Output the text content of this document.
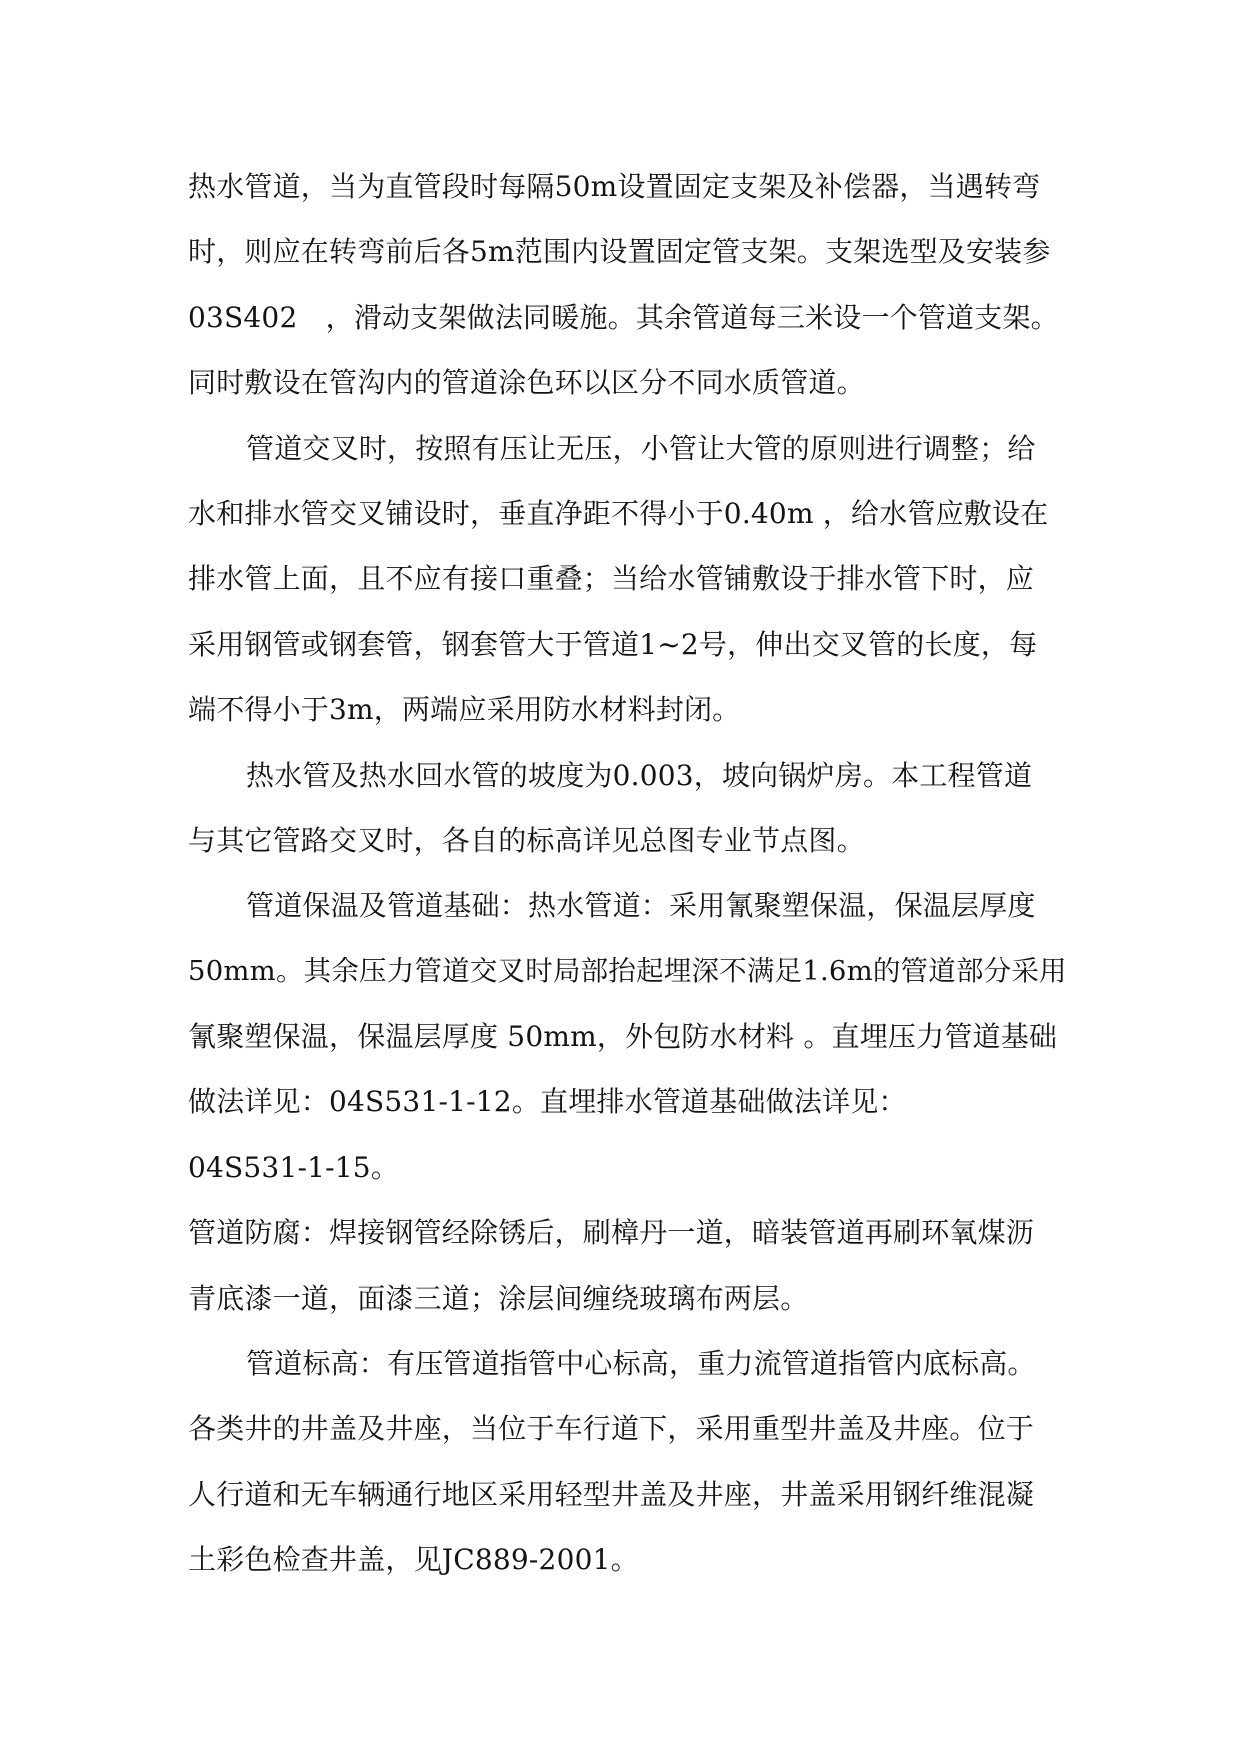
热水管道，当为直管段时每隔50m设置固定支架及补偿器，当遇转弯
时，则应在转弯前后各5m范围内设置固定管支架。支架选型及安装参
03S402　，滑动支架做法同暖施。其余管道每三米设一个管道支架。
同时敷设在管沟内的管道涂色环以区分不同水质管道。
管道交叉时，按照有压让无压，小管让大管的原则进行调整；给
水和排水管交叉铺设时，垂直净距不得小于0.40m ，给水管应敷设在
排水管上面，且不应有接口重叠；当给水管铺敷设于排水管下时，应
采用钢管或钢套管，钢套管大于管道1~2号，伸出交叉管的长度，每
端不得小于3m，两端应采用防水材料封闭。
热水管及热水回水管的坡度为0.003，坡向锅炉房。本工程管道
与其它管路交叉时，各自的标高详见总图专业节点图。
管道保温及管道基础：热水管道：采用氰聚塑保温，保温层厚度
50mm。其余压力管道交叉时局部抬起埋深不满足1.6m的管道部分采用
氰聚塑保温，保温层厚度 50mm，外包防水材料 。直埋压力管道基础
做法详见：04S531-1-12。直埋排水管道基础做法详见：
04S531-1-15。
管道防腐：焊接钢管经除锈后，刷樟丹一道，暗装管道再刷环氧煤沥
青底漆一道，面漆三道；涂层间缠绕玻璃布两层。
管道标高：有压管道指管中心标高，重力流管道指管内底标高。
各类井的井盖及井座，当位于车行道下，采用重型井盖及井座。位于
人行道和无车辆通行地区采用轻型井盖及井座，井盖采用钢纤维混凝
土彩色检查井盖，见JC889-2001。
